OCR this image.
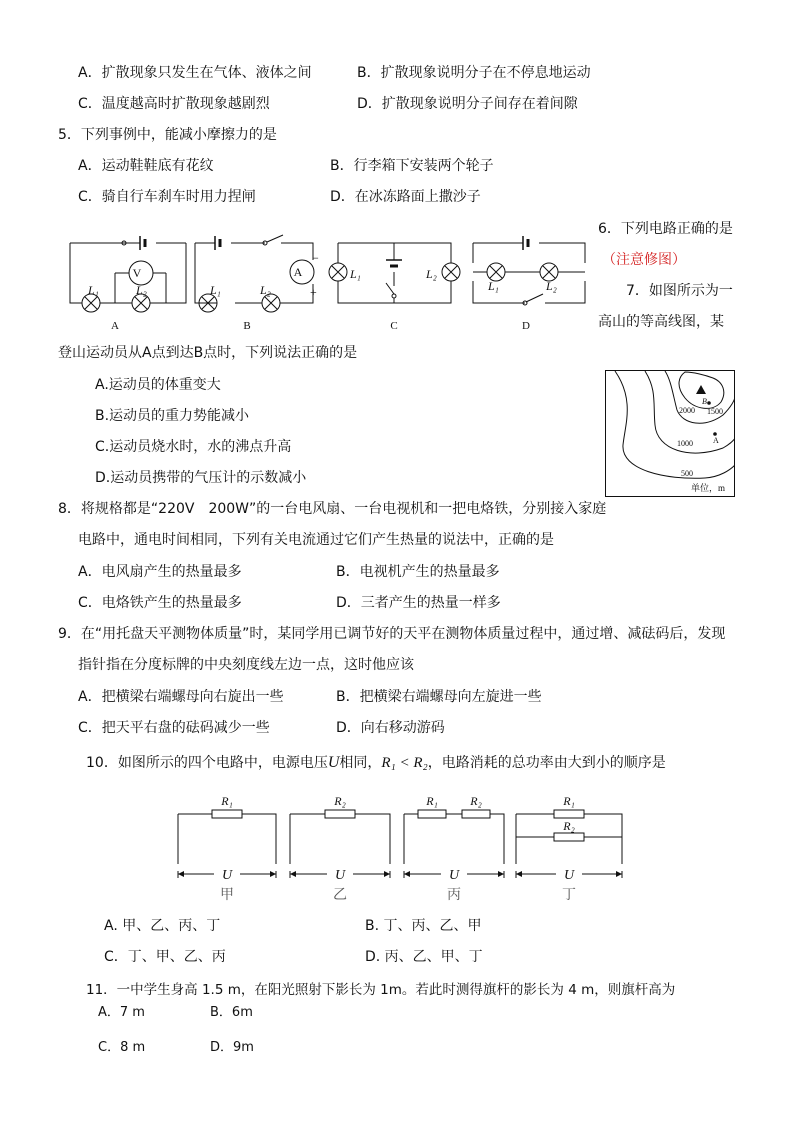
A．扩散现象只发生在气体、液体之间	B．扩散现象说明分子在不停息地运动
C．温度越高时扩散现象越剧烈	D．扩散现象说明分子间存在着间隙
5．下列事例中，能减小摩擦力的是
A．运动鞋鞋底有花纹	B．行李箱下安装两个轮子
C．骑自行车刹车时用力捏闸	D．在冰冻路面上撒沙子
V	A
L₁	L₂	L₁	L₂
−
+
L₁	L₂
L₁	L₂
A	B	C	D
6．下列电路正确的是
（注意修图）
7．如图所示为一
高山的等高线图，某
登山运动员从A点到达B点时，下列说法正确的是
A.运动员的体重变大
B.运动员的重力势能减小
C.运动员烧水时，水的沸点升高
D.运动员携带的气压计的示数减小
2000 1500
1000
500
B
A
单位，m
8．将规格都是“220V　200W”的一台电风扇、一台电视机和一把电烙铁，分别接入家庭
电路中，通电时间相同，下列有关电流通过它们产生热量的说法中，正确的是
A．电风扇产生的热量最多	B．电视机产生的热量最多
C．电烙铁产生的热量最多	D．三者产生的热量一样多
9．在“用托盘天平测物体质量”时，某同学用已调节好的天平在测物体质量过程中，通过增、减砝码后，发现
指针指在分度标牌的中央刻度线左边一点，这时他应该
A．把横梁右端螺母向右旋出一些	B．把横梁右端螺母向左旋进一些
C．把天平右盘的砝码减少一些	D．向右移动游码
10．如图所示的四个电路中，电源电压U相同，R₁ < R₂，电路消耗的总功率由大到小的顺序是
R₁	R₂	R₁	R₂	R₁
R₂
U	U	U	U
甲	乙	丙	丁
A. 甲、乙、丙、丁	B. 丁、丙、乙、甲
C．丁、甲、乙、丙	D. 丙、乙、甲、丁
11．一中学生身高 1.5 m，在阳光照射下影长为 1m。若此时测得旗杆的影长为 4 m，则旗杆高为
A．7 m	B．6m
C．8 m	D．9m
